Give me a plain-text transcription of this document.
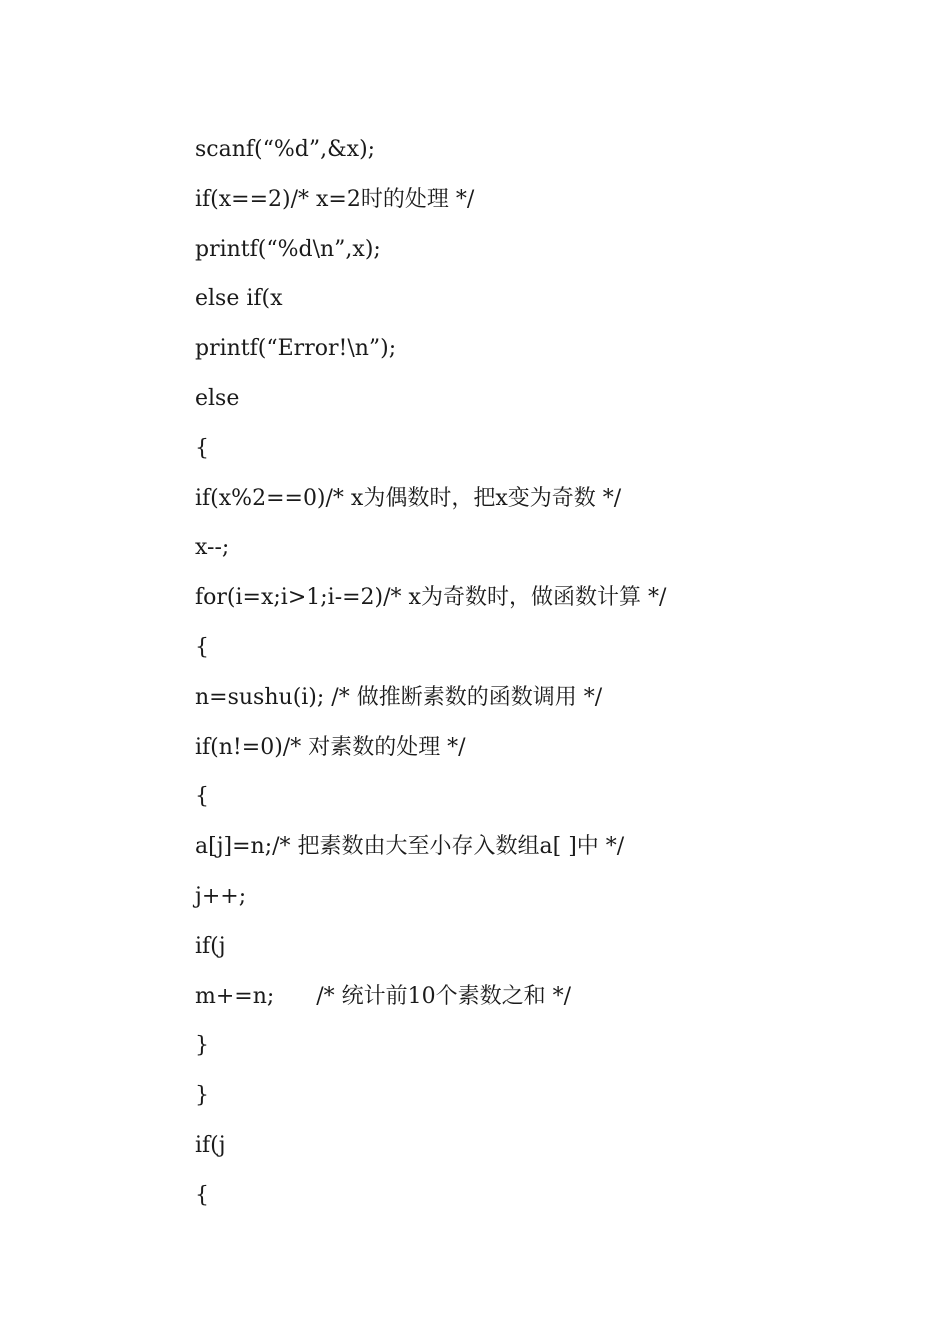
scanf(“%d”,&x);
if(x==2)/* x=2时的处理 */
printf(“%d\n”,x);
else if(x
printf(“Error!\n”);
else
{
if(x%2==0)/* x为偶数时，把x变为奇数 */
x--;
for(i=x;i>1;i-=2)/* x为奇数时，做函数计算 */
{
n=sushu(i); /* 做推断素数的函数调用 */
if(n!=0)/* 对素数的处理 */
{
a[j]=n;/* 把素数由大至小存入数组a[ ]中 */
j++;
if(j
m+=n;      /* 统计前10个素数之和 */
}
}
if(j
{
